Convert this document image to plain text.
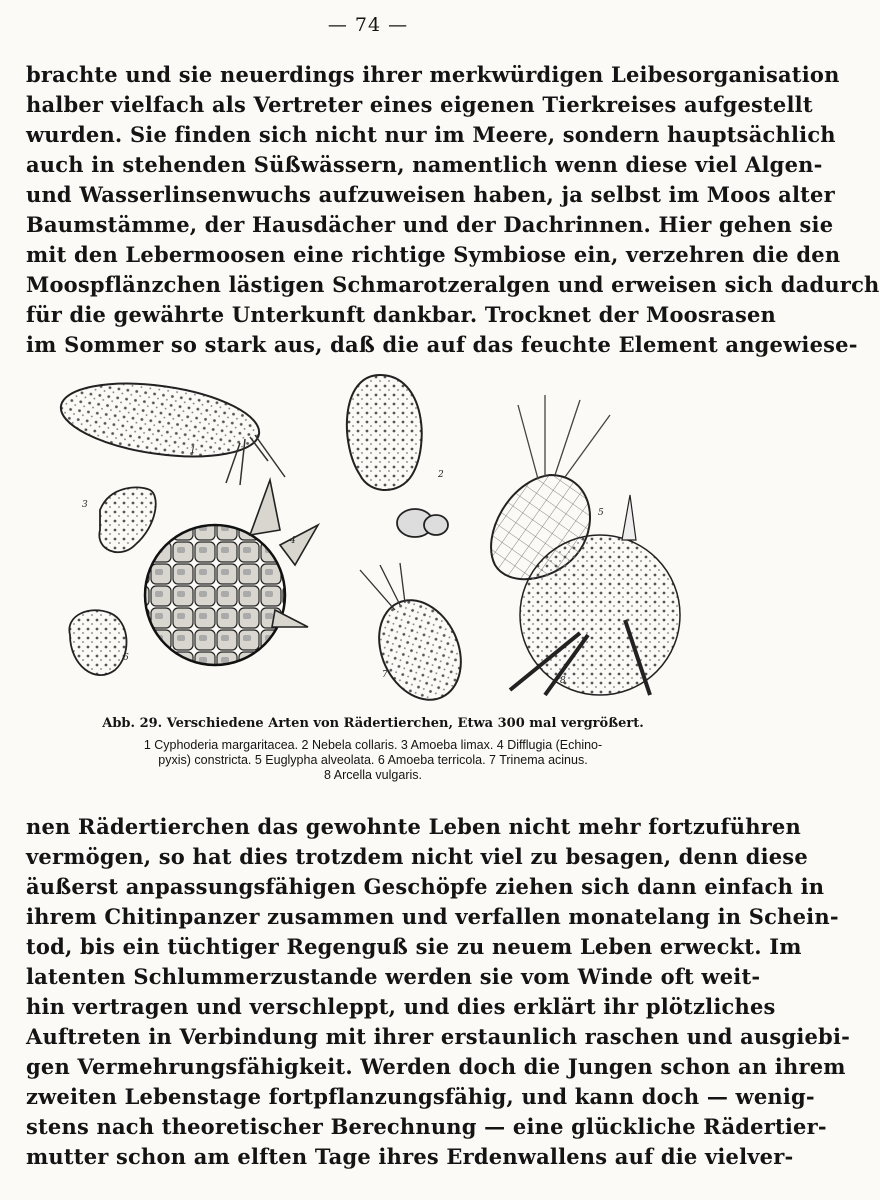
— 74 —
brachte und sie neuerdings ihrer merkwürdigen Leibesorganisation
halber vielfach als Vertreter eines eigenen Tierkreises aufgestellt
wurden. Sie finden sich nicht nur im Meere, sondern hauptsächlich
auch in stehenden Süßwässern, namentlich wenn diese viel Algen-
und Wasserlinsenwuchs aufzuweisen haben, ja selbst im Moos alter
Baumstämme, der Hausdächer und der Dachrinnen. Hier gehen sie
mit den Lebermoosen eine richtige Symbiose ein, verzehren die den
Moospflänzchen lästigen Schmarotzeralgen und erweisen sich dadurch
für die gewährte Unterkunft dankbar. Trocknet der Moosrasen
im Sommer so stark aus, daß die auf das feuchte Element angewiese-
1
2
3
4
5
6
7
8
Abb. 29. Verschiedene Arten von Rädertierchen, Etwa 300 mal vergrößert.
1 Cyphoderia margaritacea. 2 Nebela collaris. 3 Amoeba limax. 4 Difflugia (Echino-
pyxis) constricta. 5 Euglypha alveolata. 6 Amoeba terricola. 7 Trinema acinus.
8 Arcella vulgaris.
nen Rädertierchen das gewohnte Leben nicht mehr fortzuführen
vermögen, so hat dies trotzdem nicht viel zu besagen, denn diese
äußerst anpassungsfähigen Geschöpfe ziehen sich dann einfach in
ihrem Chitinpanzer zusammen und verfallen monatelang in Schein-
tod, bis ein tüchtiger Regenguß sie zu neuem Leben erweckt. Im
latenten Schlummerzustande werden sie vom Winde oft weit-
hin vertragen und verschleppt, und dies erklärt ihr plötzliches
Auftreten in Verbindung mit ihrer erstaunlich raschen und ausgiebi-
gen Vermehrungsfähigkeit. Werden doch die Jungen schon an ihrem
zweiten Lebenstage fortpflanzungsfähig, und kann doch — wenig-
stens nach theoretischer Berechnung — eine glückliche Rädertier-
mutter schon am elften Tage ihres Erdenwallens auf die vielver-
